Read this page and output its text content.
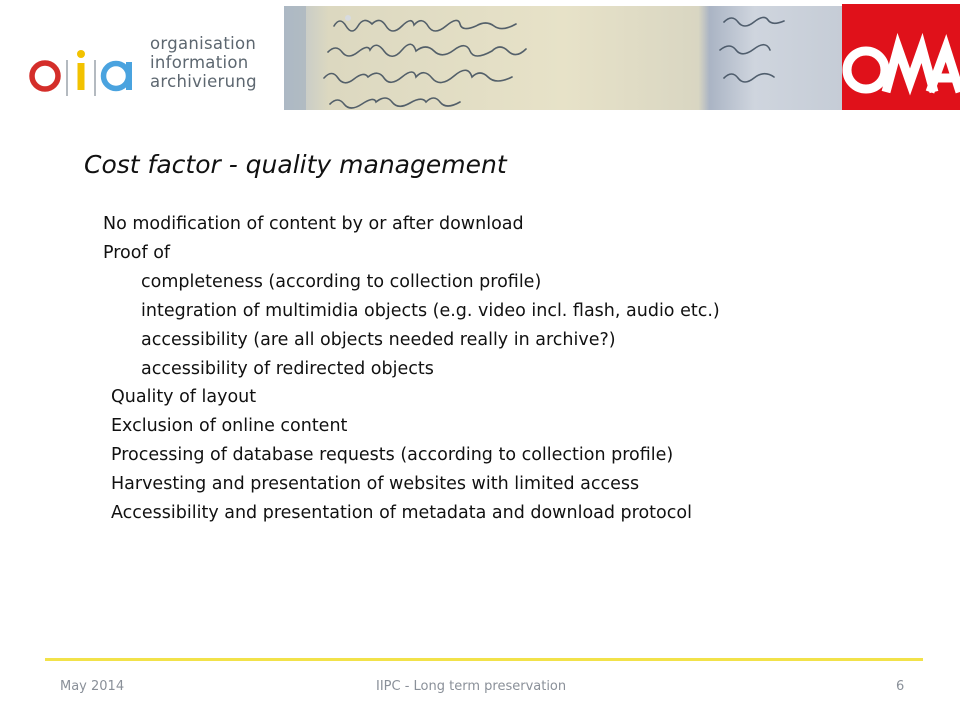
organisation
information
archivierung
Cost factor - quality management
No modification of content by or after download
Proof of
completeness (according to collection profile)
integration of multimidia objects (e.g. video incl. flash, audio etc.)
accessibility (are all objects needed really in archive?)
accessibility of redirected objects
Quality of layout
Exclusion of online content
Processing of database requests (according to collection profile)
Harvesting and presentation of websites with limited access
Accessibility and presentation of metadata and download protocol
May 2014	IIPC - Long term preservation	6
